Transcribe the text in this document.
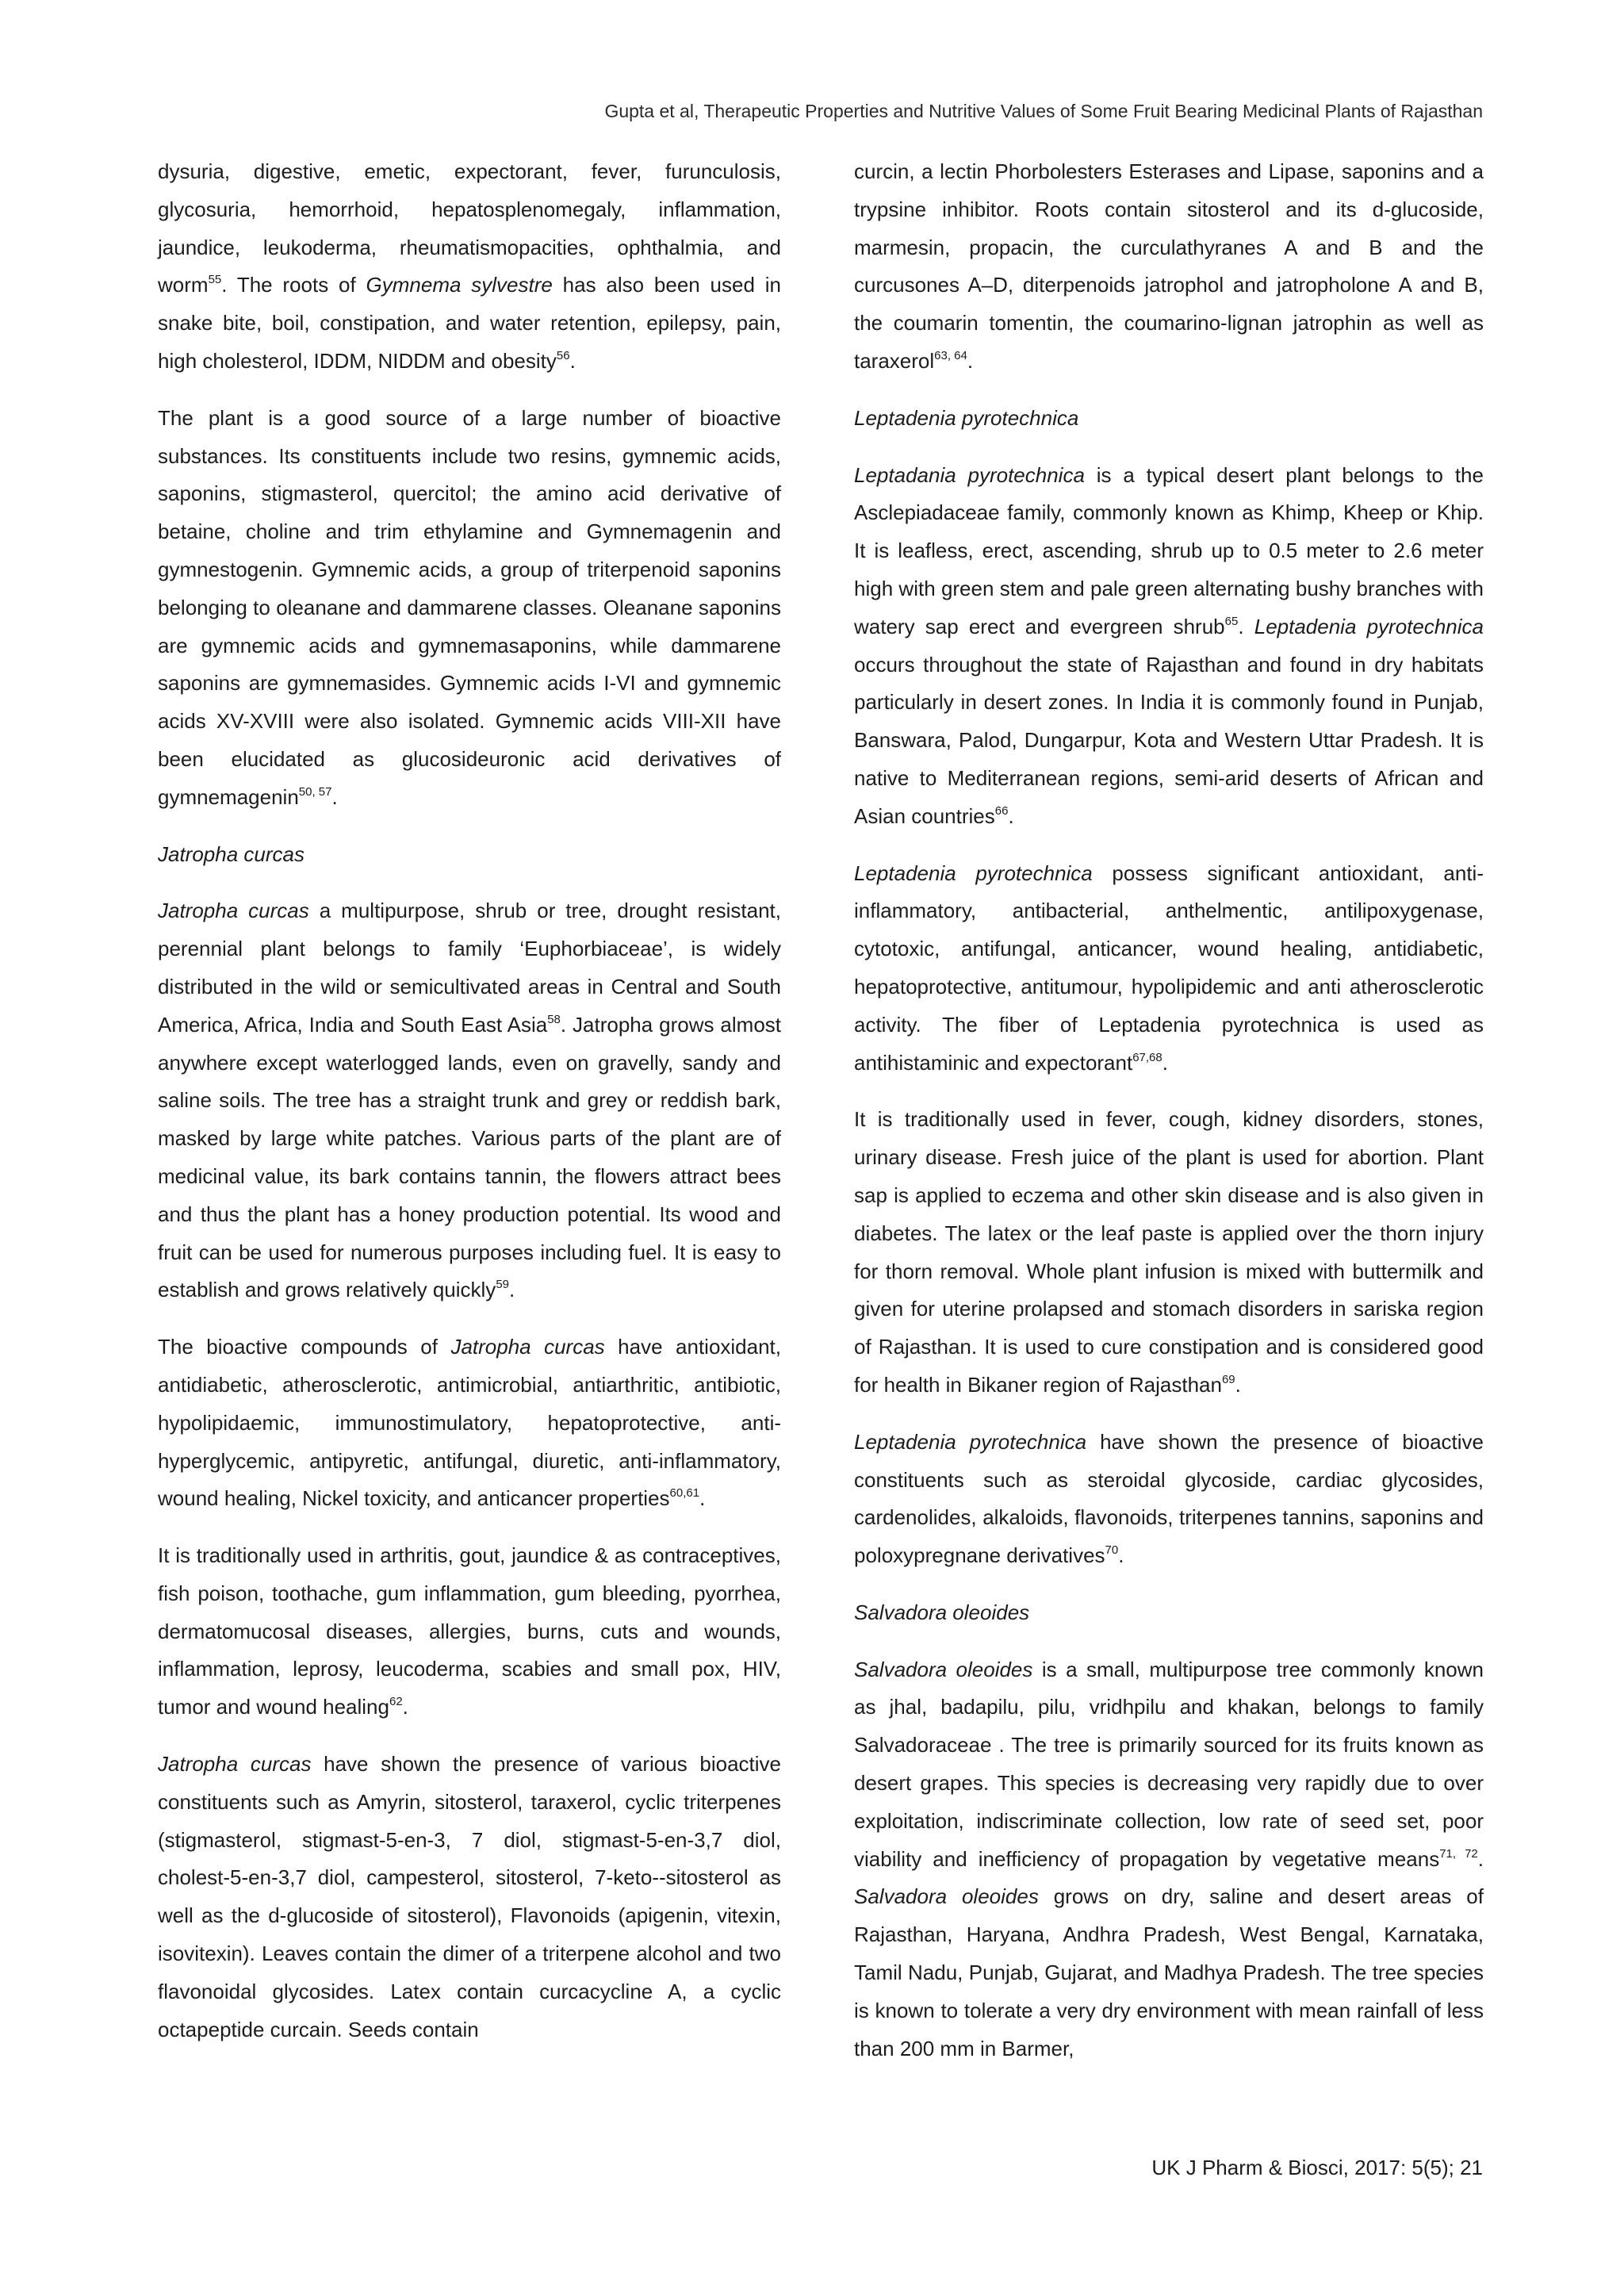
Gupta et al, Therapeutic Properties and Nutritive Values of Some Fruit Bearing Medicinal Plants of Rajasthan

dysuria, digestive, emetic, expectorant, fever, furunculosis, glycosuria, hemorrhoid, hepatosplenomegaly, inflammation, jaundice, leukoderma, rheumatismopacities, ophthalmia, and worm$^{55}$. The roots of Gymnema sylvestre has also been used in snake bite, boil, constipation, and water retention, epilepsy, pain, high cholesterol, IDDM, NIDDM and obesity$^{56}$.

The plant is a good source of a large number of bioactive substances. Its constituents include two resins, gymnemic acids, saponins, stigmasterol, quercitol; the amino acid derivative of betaine, choline and trim ethylamine and Gymnemagenin and gymnestogenin. Gymnemic acids, a group of triterpenoid saponins belonging to oleanane and dammarene classes. Oleanane saponins are gymnemic acids and gymnemasaponins, while dammarene saponins are gymnemasides. Gymnemic acids I-VI and gymnemic acids XV-XVIII were also isolated. Gymnemic acids VIII-XII have been elucidated as glucosideuronic acid derivatives of gymnemagenin$^{50, 57}$.

Jatropha curcas

Jatropha curcas a multipurpose, shrub or tree, drought resistant, perennial plant belongs to family ‘Euphorbiaceae’, is widely distributed in the wild or semicultivated areas in Central and South America, Africa, India and South East Asia$^{58}$. Jatropha grows almost anywhere except waterlogged lands, even on gravelly, sandy and saline soils. The tree has a straight trunk and grey or reddish bark, masked by large white patches. Various parts of the plant are of medicinal value, its bark contains tannin, the flowers attract bees and thus the plant has a honey production potential. Its wood and fruit can be used for numerous purposes including fuel. It is easy to establish and grows relatively quickly$^{59}$.

The bioactive compounds of Jatropha curcas have antioxidant, antidiabetic, atherosclerotic, antimicrobial, antiarthritic, antibiotic, hypolipidaemic, immunostimulatory, hepatoprotective, anti-hyperglycemic, antipyretic, antifungal, diuretic, anti-inflammatory, wound healing, Nickel toxicity, and anticancer properties$^{60,61}$.

It is traditionally used in arthritis, gout, jaundice & as contraceptives, fish poison, toothache, gum inflammation, gum bleeding, pyorrhea, dermatomucosal diseases, allergies, burns, cuts and wounds, inflammation, leprosy, leucoderma, scabies and small pox, HIV, tumor and wound healing$^{62}$.

Jatropha curcas have shown the presence of various bioactive constituents such as Amyrin, sitosterol, taraxerol, cyclic triterpenes (stigmasterol, stigmast-5-en-3, 7 diol, stigmast-5-en-3,7 diol, cholest-5-en-3,7 diol, campesterol, sitosterol, 7-keto--sitosterol as well as the d-glucoside of sitosterol), Flavonoids (apigenin, vitexin, isovitexin). Leaves contain the dimer of a triterpene alcohol and two flavonoidal glycosides. Latex contain curcacycline A, a cyclic octapeptide curcain. Seeds contain

curcin, a lectin Phorbolesters Esterases and Lipase, saponins and a trypsine inhibitor. Roots contain sitosterol and its d-glucoside, marmesin, propacin, the curculathyranes A and B and the curcusones A–D, diterpenoids jatrophol and jatropholone A and B, the coumarin tomentin, the coumarino-lignan jatrophin as well as taraxerol$^{63, 64}$.

Leptadenia pyrotechnica

Leptadania pyrotechnica is a typical desert plant belongs to the Asclepiadaceae family, commonly known as Khimp, Kheep or Khip. It is leafless, erect, ascending, shrub up to 0.5 meter to 2.6 meter high with green stem and pale green alternating bushy branches with watery sap erect and evergreen shrub$^{65}$. Leptadenia pyrotechnica occurs throughout the state of Rajasthan and found in dry habitats particularly in desert zones. In India it is commonly found in Punjab, Banswara, Palod, Dungarpur, Kota and Western Uttar Pradesh. It is native to Mediterranean regions, semi-arid deserts of African and Asian countries$^{66}$.

Leptadenia pyrotechnica possess significant antioxidant, anti-inflammatory, antibacterial, anthelmentic, antilipoxygenase, cytotoxic, antifungal, anticancer, wound healing, antidiabetic, hepatoprotective, antitumour, hypolipidemic and anti atherosclerotic activity. The fiber of Leptadenia pyrotechnica is used as antihistaminic and expectorant$^{67,68}$.

It is traditionally used in fever, cough, kidney disorders, stones, urinary disease. Fresh juice of the plant is used for abortion. Plant sap is applied to eczema and other skin disease and is also given in diabetes. The latex or the leaf paste is applied over the thorn injury for thorn removal. Whole plant infusion is mixed with buttermilk and given for uterine prolapsed and stomach disorders in sariska region of Rajasthan. It is used to cure constipation and is considered good for health in Bikaner region of Rajasthan$^{69}$.

Leptadenia pyrotechnica have shown the presence of bioactive constituents such as steroidal glycoside, cardiac glycosides, cardenolides, alkaloids, flavonoids, triterpenes tannins, saponins and poloxypregnane derivatives$^{70}$.

Salvadora oleoides

Salvadora oleoides is a small, multipurpose tree commonly known as jhal, badapilu, pilu, vridhpilu and khakan, belongs to family Salvadoraceae . The tree is primarily sourced for its fruits known as desert grapes. This species is decreasing very rapidly due to over exploitation, indiscriminate collection, low rate of seed set, poor viability and inefficiency of propagation by vegetative means$^{71, 72}$. Salvadora oleoides grows on dry, saline and desert areas of Rajasthan, Haryana, Andhra Pradesh, West Bengal, Karnataka, Tamil Nadu, Punjab, Gujarat, and Madhya Pradesh. The tree species is known to tolerate a very dry environment with mean rainfall of less than 200 mm in Barmer,

UK J Pharm & Biosci, 2017: 5(5); 21
